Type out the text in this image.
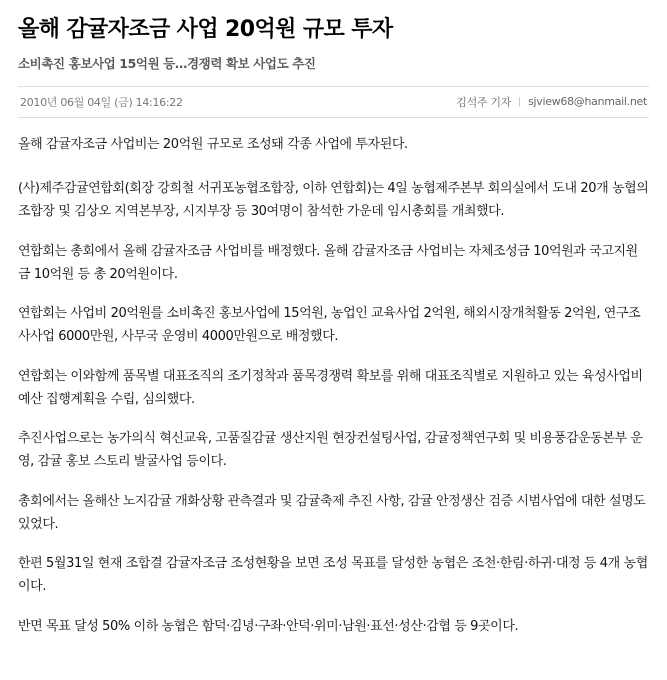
올해 감귤자조금 사업 20억원 규모 투자
소비촉진 홍보사업 15억원 등…경쟁력 확보 사업도 추진
2010년 06월 04일 (금) 14:16:22	김석주 기자 sjview68@hanmail.net

올해 감귤자조금 사업비는 20억원 규모로 조성돼 각종 사업에 투자된다.

(사)제주감귤연합회(회장 강희철 서귀포농협조합장, 이하 연합회)는 4일 농협제주본부 회의실에서 도내 20개 농협의 조합장 및 김상오 지역본부장, 시지부장 등 30여명이 참석한 가운데 임시총회를 개최했다.

연합회는 총회에서 올해 감귤자조금 사업비를 배정했다. 올해 감귤자조금 사업비는 자체조성금 10억원과 국고지원금 10억원 등 총 20억원이다.

연합회는 사업비 20억원를 소비촉진 홍보사업에 15억원, 농업인 교육사업 2억원, 해외시장개척활동 2억원, 연구조사사업 6000만원, 사무국 운영비 4000만원으로 배정했다.

연합회는 이와함께 품목별 대표조직의 조기정착과 품목경쟁력 확보를 위해 대표조직별로 지원하고 있는 육성사업비 예산 집행계획을 수립, 심의했다.

추진사업으로는 농가의식 혁신교육, 고품질감귤 생산지원 현장컨설팅사업, 감귤정책연구회 및 비용풍감운동본부 운영, 감귤 홍보 스토리 발굴사업 등이다.

총회에서는 올해산 노지감귤 개화상황 관측결과 및 감귤축제 추진 사항, 감귤 안정생산 검증 시범사업에 대한 설명도 있었다.

한편 5월31일 현재 조합결 감귤자조금 조성현황을 보면 조성 목표를 달성한 농협은 조천·한림·하귀·대정 등 4개 농협이다.

반면 목표 달성 50% 이하 농협은 함덕·김녕·구좌·안덕·위미·남원·표선·성산·감협 등 9곳이다.
